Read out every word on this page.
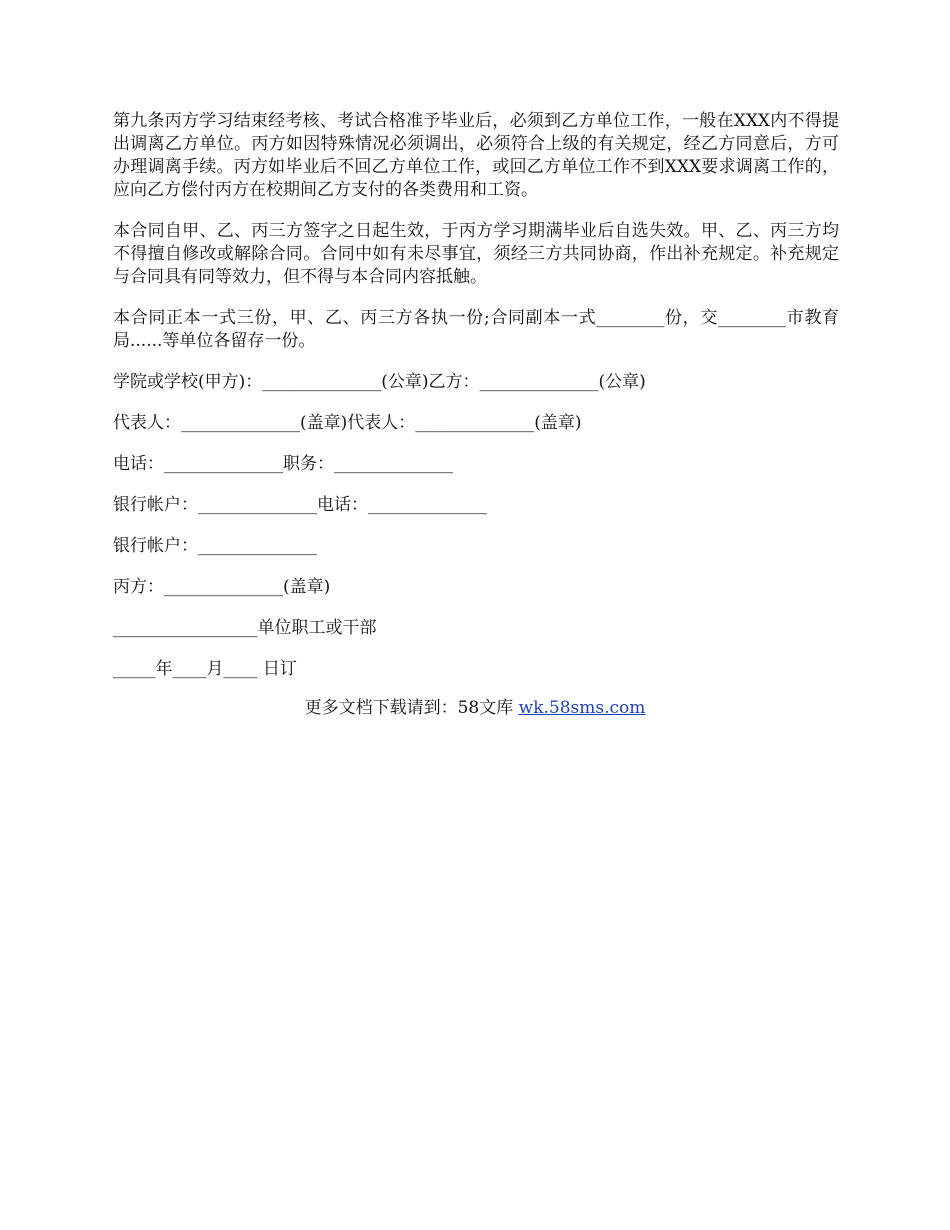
第九条丙方学习结束经考核、考试合格准予毕业后，必须到乙方单位工作，一般在XXX内不得提出调离乙方单位。丙方如因特殊情况必须调出，必须符合上级的有关规定，经乙方同意后，方可办理调离手续。丙方如毕业后不回乙方单位工作，或回乙方单位工作不到XXX要求调离工作的，应向乙方偿付丙方在校期间乙方支付的各类费用和工资。

本合同自甲、乙、丙三方签字之日起生效，于丙方学习期满毕业后自选失效。甲、乙、丙三方均不得擅自修改或解除合同。合同中如有未尽事宜，须经三方共同协商，作出补充规定。补充规定与合同具有同等效力，但不得与本合同内容抵触。

本合同正本一式三份，甲、乙、丙三方各执一份;合同副本一式________份，交________市教育局......等单位各留存一份。

学院或学校(甲方)：______________(公章)乙方：______________(公章)

代表人：______________(盖章)代表人：______________(盖章)

电话：______________职务：______________

银行帐户：______________电话：______________

银行帐户：______________

丙方：______________(盖章)

_________________单位职工或干部

_____年____月____ 日订

更多文档下载请到：58文库 wk.58sms.com
